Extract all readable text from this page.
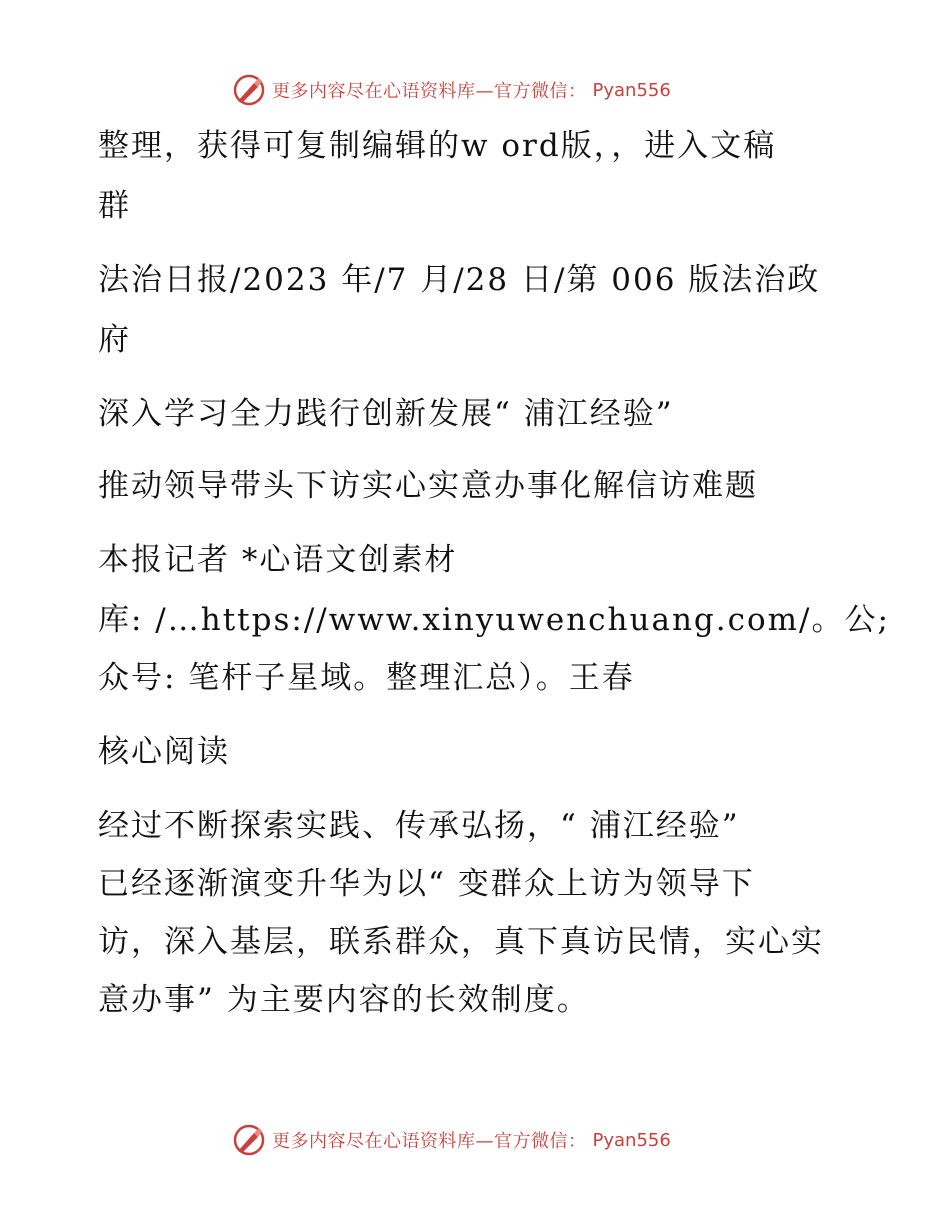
更多内容尽在心语资料库—官方微信： Pyan556
整理，获得可复制编辑的w ord版，，进入文稿
群
法治日报/2023 年/7 月/28 日/第 006 版法治政
府
深入学习全力践行创新发展“ 浦江经验”
推动领导带头下访实心实意办事化解信访难题
本报记者 *心语文创素材
库: /…https://www.xinyuwenchuang.com/。公;
众号: 笔杆子星域。整理汇总）。王春
核心阅读
经过不断探索实践、传承弘扬，“ 浦江经验”
已经逐渐演变升华为以“ 变群众上访为领导下
访，深入基层，联系群众，真下真访民情，实心实
意办事” 为主要内容的长效制度。
更多内容尽在心语资料库—官方微信： Pyan556
